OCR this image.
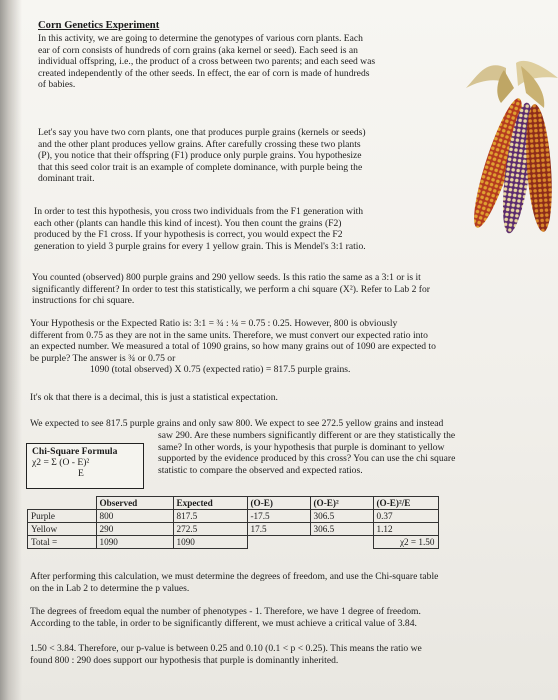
Corn Genetics Experiment
In this activity, we are going to determine the genotypes of various corn plants. Each
ear of corn consists of hundreds of corn grains (aka kernel or seed). Each seed is an
individual offspring, i.e., the product of a cross between two parents; and each seed was
created independently of the other seeds. In effect, the ear of corn is made of hundreds
of babies.
Let's say you have two corn plants, one that produces purple grains (kernels or seeds)
and the other plant produces yellow grains. After carefully crossing these two plants
(P), you notice that their offspring (F1) produce only purple grains. You hypothesize
that this seed color trait is an example of complete dominance, with purple being the
dominant trait.
In order to test this hypothesis, you cross two individuals from the F1 generation with
each other (plants can handle this kind of incest). You then count the grains (F2)
produced by the F1 cross. If your hypothesis is correct, you would expect the F2
generation to yield 3 purple grains for every 1 yellow grain. This is Mendel's 3:1 ratio.
You counted (observed) 800 purple grains and 290 yellow seeds. Is this ratio the same as a 3:1 or is it
significantly different? In order to test this statistically, we perform a chi square (X²). Refer to Lab 2 for
instructions for chi square.
Your Hypothesis or the Expected Ratio is: 3:1 = ¾ : ¼ = 0.75 : 0.25. However, 800 is obviously
different from 0.75 as they are not in the same units. Therefore, we must convert our expected ratio into
an expected number. We measured a total of 1090 grains, so how many grains out of 1090 are expected to
be purple? The answer is ¾ or 0.75 or
1090 (total observed) X 0.75 (expected ratio) = 817.5 purple grains.
It's ok that there is a decimal, this is just a statistical expectation.
We expected to see 817.5 purple grains and only saw 800. We expect to see 272.5 yellow grains and instead
saw 290. Are these numbers significantly different or are they statistically the
same? In other words, is your hypothesis that purple is dominant to yellow
supported by the evidence produced by this cross? You can use the chi square
statistic to compare the observed and expected ratios.
Chi-Square Formula
χ2 = Σ (O - E)²
E
	Observed	Expected	(O-E)	(O-E)²	(O-E)²/E
Purple	800	817.5	-17.5	306.5	0.37
Yellow	290	272.5	17.5	306.5	1.12
Total =	1090	1090			χ2 = 1.50
After performing this calculation, we must determine the degrees of freedom, and use the Chi-square table
on the in Lab 2 to determine the p values.
The degrees of freedom equal the number of phenotypes - 1. Therefore, we have 1 degree of freedom.
According to the table, in order to be significantly different, we must achieve a critical value of 3.84.
1.50 < 3.84. Therefore, our p-value is between 0.25 and 0.10 (0.1 < p < 0.25). This means the ratio we
found 800 : 290 does support our hypothesis that purple is dominantly inherited.
